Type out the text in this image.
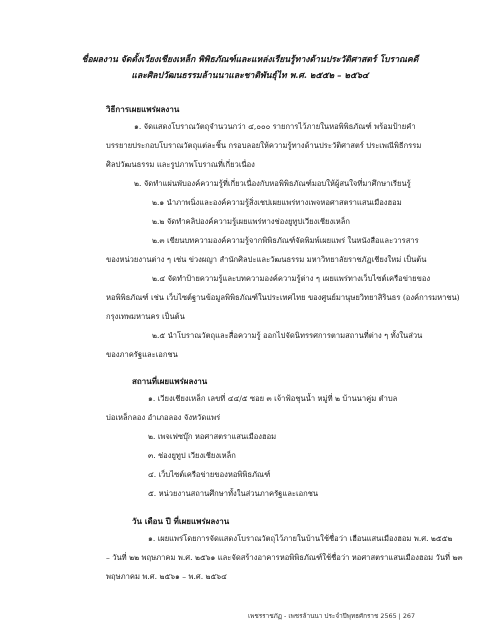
ชื่อผลงาน จัดตั้งเวียงเชียงเหล็ก พิพิธภัณฑ์และแหล่งเรียนรู้ทางด้านประวัติศาสตร์ โบราณคดี
และศิลปวัฒนธรรมล้านนาและชาติพันธุ์ไท พ.ศ. ๒๕๕๒ – ๒๕๖๔
วิธีการเผยแพร่ผลงาน
๑. จัดแสดงโบราณวัตถุจำนวนกว่า ๔,๐๐๐ รายการไว้ภายในหอพิพิธภัณฑ์ พร้อมป้ายคำ
บรรยายประกอบโบราณวัตถุแต่ละชิ้น กรอบลอยให้ความรู้ทางด้านประวัติศาสตร์ ประเพณีพิธีกรรม
ศิลปวัฒนธรรม และรูปภาพโบราณที่เกี่ยวเนื่อง
๒. จัดทำแผ่นพับองค์ความรู้ที่เกี่ยวเนื่องกับหอพิพิธภัณฑ์มอบให้ผู้สนใจที่มาศึกษาเรียนรู้
๒.๑ นำภาพนิ่งและองค์ความรู้สิ่งเชปเผยแพร่ทางเพจหอศาสตราแสนเมืองฮอม
๒.๒ จัดทำคลิปองค์ความรู้เผยแพร่ทางช่องยูทูปเวียงเชียงเหล็ก
๒.๓ เขียนบทความองค์ความรู้จากพิพิธภัณฑ์จัดพิมพ์เผยแพร่ ในหนังสือและวารสาร
ของหน่วยงานต่าง ๆ เช่น ข่วงผญา สำนักศิลปะและวัฒนธรรม มหาวิทยาลัยราชภัฏเชียงใหม่ เป็นต้น
๒.๔ จัดทำป้ายความรู้และบทความองค์ความรู้ต่าง ๆ เผยแพร่ทางเว็บไซต์เครือข่ายของ
หอพิพิธภัณฑ์ เช่น เว็บไซต์ฐานข้อมูลพิพิธภัณฑ์ในประเทศไทย ของศูนย์มานุษยวิทยาสิรินธร (องค์การมหาชน)
กรุงเทพมหานคร เป็นต้น
๒.๕ นำโบราณวัตถุและสื่อความรู้ ออกไปจัดนิทรรศการตามสถานที่ต่าง ๆ ทั้งในส่วน
ของภาครัฐและเอกชน
สถานที่เผยแพร่ผลงาน
๑. เวียงเชียงเหล็ก เลขที่ ๔๔/๕ ซอย ๓ เจ้าฟ้อชุนน้ำ หมู่ที่ ๒ บ้านนาคู่ม ตำบล
บ่อเหล็กลอง อำเภอลอง จังหวัดแพร่
๒. เพจเฟซบุ๊ก หอศาสตราแสนเมืองฮอม
๓. ช่องยูทูป เวียงเชียงเหล็ก
๔. เว็บไซต์เครือข่ายของหอพิพิธภัณฑ์
๕. หน่วยงานสถานศึกษาทั้งในส่วนภาครัฐและเอกชน
วัน เดือน ปี ที่เผยแพร่ผลงาน
๑. เผยแพร่โดยการจัดแสดงโบราณวัตถุไว้ภายในบ้านใช้ชื่อว่า เฮือนแสนเมืองฮอม พ.ศ. ๒๕๕๒
– วันที่ ๒๒ พฤษภาคม พ.ศ. ๒๕๖๑ และจัดสร้างอาคารหอพิพิธภัณฑ์ใช้ชื่อว่า หอศาสตราแสนเมืองฮอม วันที่ ๒๓
พฤษภาคม พ.ศ. ๒๕๖๑ – พ.ศ. ๒๕๖๔
เพชรราชภัฏ - เพชรล้านนา ประจำปีพุทธศักราช 2565 | 267
